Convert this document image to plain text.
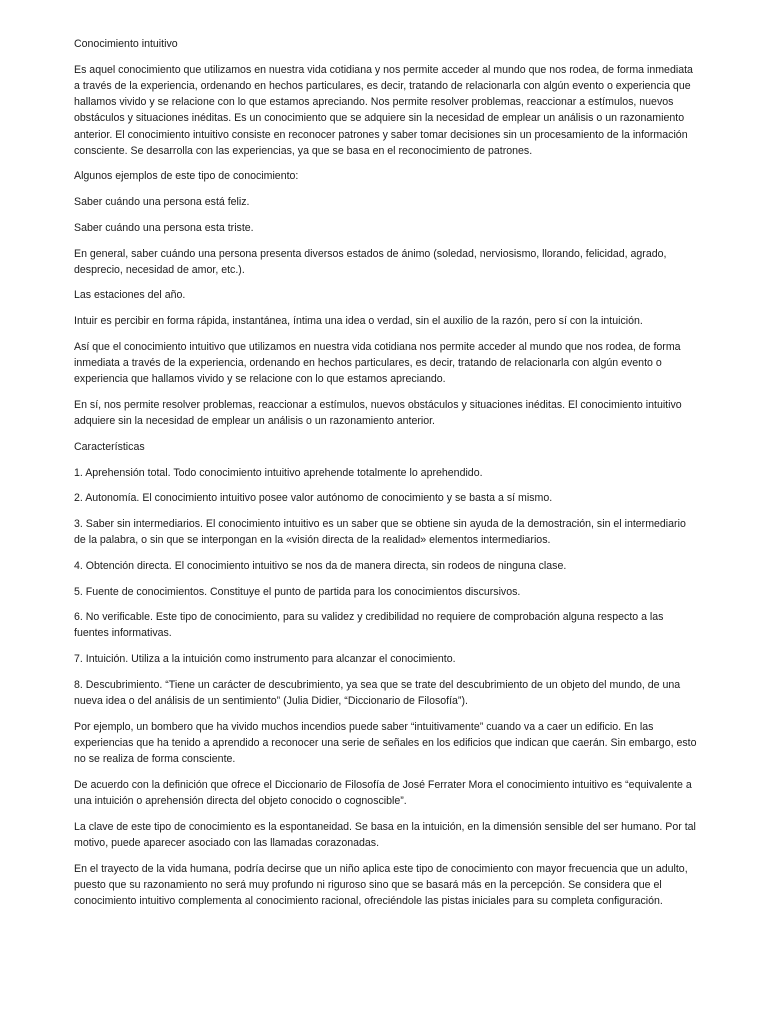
Conocimiento intuitivo

Es aquel conocimiento que utilizamos en nuestra vida cotidiana y nos permite acceder al mundo que nos rodea, de forma inmediata a través de la experiencia, ordenando en hechos particulares, es decir, tratando de relacionarla con algún evento o experiencia que hallamos vivido y se relacione con lo que estamos apreciando. Nos permite resolver problemas, reaccionar a estímulos, nuevos obstáculos y situaciones inéditas. Es un conocimiento que se adquiere sin la necesidad de emplear un análisis o un razonamiento anterior. El conocimiento intuitivo consiste en reconocer patrones y saber tomar decisiones sin un procesamiento de la información consciente. Se desarrolla con las experiencias, ya que se basa en el reconocimiento de patrones.

Algunos ejemplos de este tipo de conocimiento:

Saber cuándo una persona está feliz.

Saber cuándo una persona esta triste.

En general, saber cuándo una persona presenta diversos estados de ánimo (soledad, nerviosismo, llorando, felicidad, agrado, desprecio, necesidad de amor, etc.).

Las estaciones del año.

Intuir es percibir en forma rápida, instantánea, íntima una idea o verdad, sin el auxilio de la razón, pero sí con la intuición.

Así que el conocimiento intuitivo que utilizamos en nuestra vida cotidiana nos permite acceder al mundo que nos rodea, de forma inmediata a través de la experiencia, ordenando en hechos particulares, es decir, tratando de relacionarla con algún evento o experiencia que hallamos vivido y se relacione con lo que estamos apreciando.

En sí, nos permite resolver problemas, reaccionar a estímulos, nuevos obstáculos y situaciones inéditas. El conocimiento intuitivo adquiere sin la necesidad de emplear un análisis o un razonamiento anterior.

Características

1. Aprehensión total. Todo conocimiento intuitivo aprehende totalmente lo aprehendido.

2. Autonomía. El conocimiento intuitivo posee valor autónomo de conocimiento y se basta a sí mismo.

3. Saber sin intermediarios. El conocimiento intuitivo es un saber que se obtiene sin ayuda de la demostración, sin el intermediario de la palabra, o sin que se interpongan en la «visión directa de la realidad» elementos intermediarios.

4. Obtención directa. El conocimiento intuitivo se nos da de manera directa, sin rodeos de ninguna clase.

5. Fuente de conocimientos. Constituye el punto de partida para los conocimientos discursivos.

6. No verificable. Este tipo de conocimiento, para su validez y credibilidad no requiere de comprobación alguna respecto a las fuentes informativas.

7. Intuición. Utiliza a la intuición como instrumento para alcanzar el conocimiento.

8. Descubrimiento. “Tiene un carácter de descubrimiento, ya sea que se trate del descubrimiento de un objeto del mundo, de una nueva idea o del análisis de un sentimiento” (Julia Didier, “Diccionario de Filosofía”).

Por ejemplo, un bombero que ha vivido muchos incendios puede saber “intuitivamente” cuando va a caer un edificio. En las experiencias que ha tenido a aprendido a reconocer una serie de señales en los edificios que indican que caerán. Sin embargo, esto no se realiza de forma consciente.

De acuerdo con la definición que ofrece el Diccionario de Filosofía de José Ferrater Mora el conocimiento intuitivo es “equivalente a una intuición o aprehensión directa del objeto conocido o cognoscible”.

La clave de este tipo de conocimiento es la espontaneidad. Se basa en la intuición, en la dimensión sensible del ser humano. Por tal motivo, puede aparecer asociado con las llamadas corazonadas.

En el trayecto de la vida humana, podría decirse que un niño aplica este tipo de conocimiento con mayor frecuencia que un adulto, puesto que su razonamiento no será muy profundo ni riguroso sino que se basará más en la percepción. Se considera que el conocimiento intuitivo complementa al conocimiento racional, ofreciéndole las pistas iniciales para su completa configuración.
